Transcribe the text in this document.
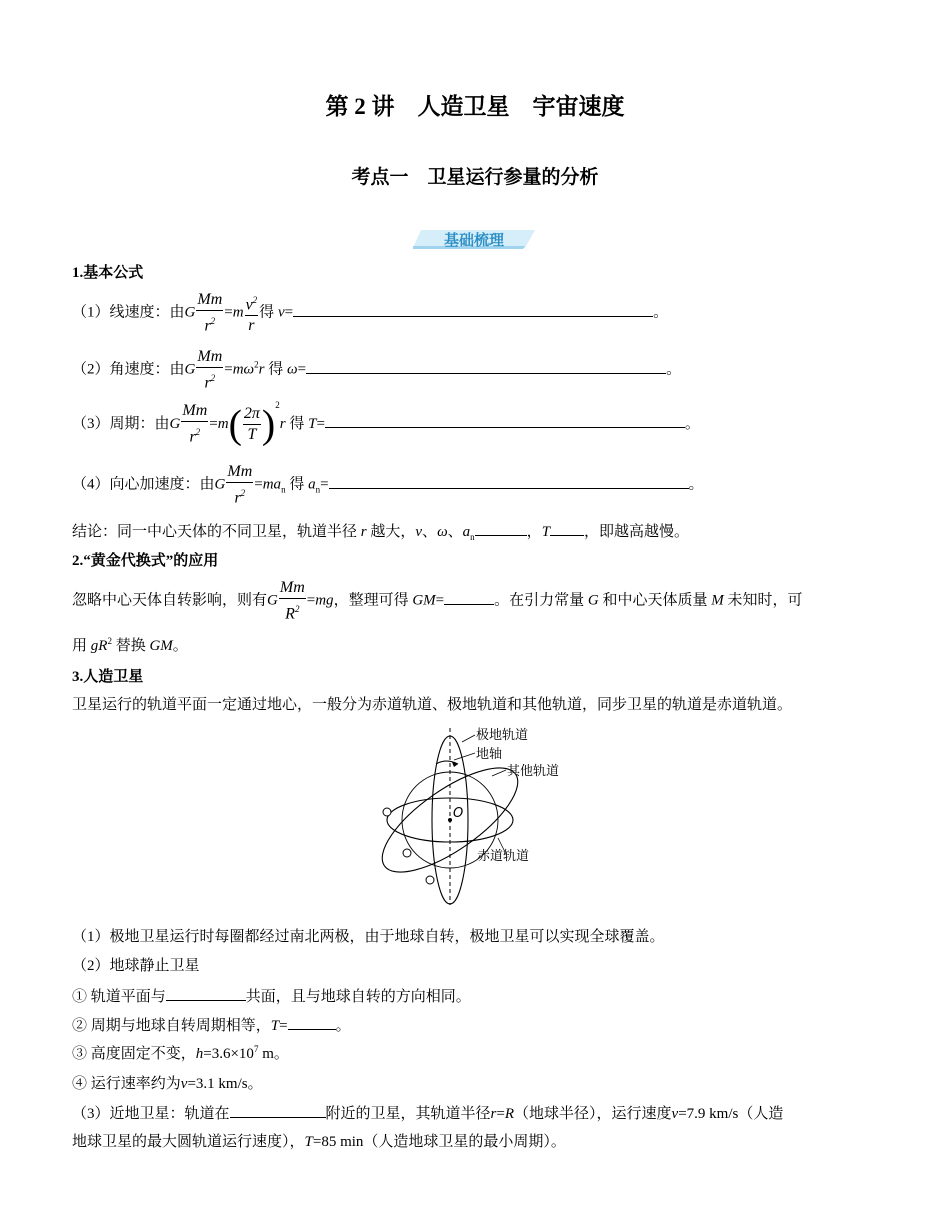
第 2 讲　人造卫星　宇宙速度
考点一　卫星运行参量的分析
基础梳理
1.基本公式
（1）线速度：由G $\frac{Mm}{r^2} =m \frac{v^2}{r}$ 得 v=	。
（2）角速度：由G $\frac{Mm}{r^2} =m\omega^2r$ 得 ω=	。
（3）周期：由G $\frac{Mm}{r^2} =m( \frac{2\pi}{T} )^2r$ 得 T=	。
（4）向心加速度：由G $\frac{Mm}{r^2} =ma_n$ 得 $a_n=$	。
结论：同一中心天体的不同卫星，轨道半径 r 越大，v、ω、$a_n$	，T ，即越高越慢。
2.“黄金代换式”的应用
忽略中心天体自转影响，则有G $\frac{Mm}{R^2} =mg$，整理可得 GM=	。在引力常量 G 和中心天体质量 M 未知时，可
用 $gR^2$ 替换 GM。
3.人造卫星
卫星运行的轨道平面一定通过地心，一般分为赤道轨道、极地轨道和其他轨道，同步卫星的轨道是赤道轨道。
O
极地轨道
地轴
其他轨道
赤道轨道
（1）极地卫星运行时每圈都经过南北两极，由于地球自转，极地卫星可以实现全球覆盖。
（2）地球静止卫星
① 轨道平面与	共面，且与地球自转的方向相同。
② 周期与地球自转周期相等，T=	。
③ 高度固定不变，$h=3.6\times 10^7$ m。
④ 运行速率约为v=3.1 km/s。
（3）近地卫星：轨道在	附近的卫星，其轨道半径r=R（地球半径），运行速度v=7.9 km/s（人造
地球卫星的最大圆轨道运行速度），T=85 min（人造地球卫星的最小周期）。
